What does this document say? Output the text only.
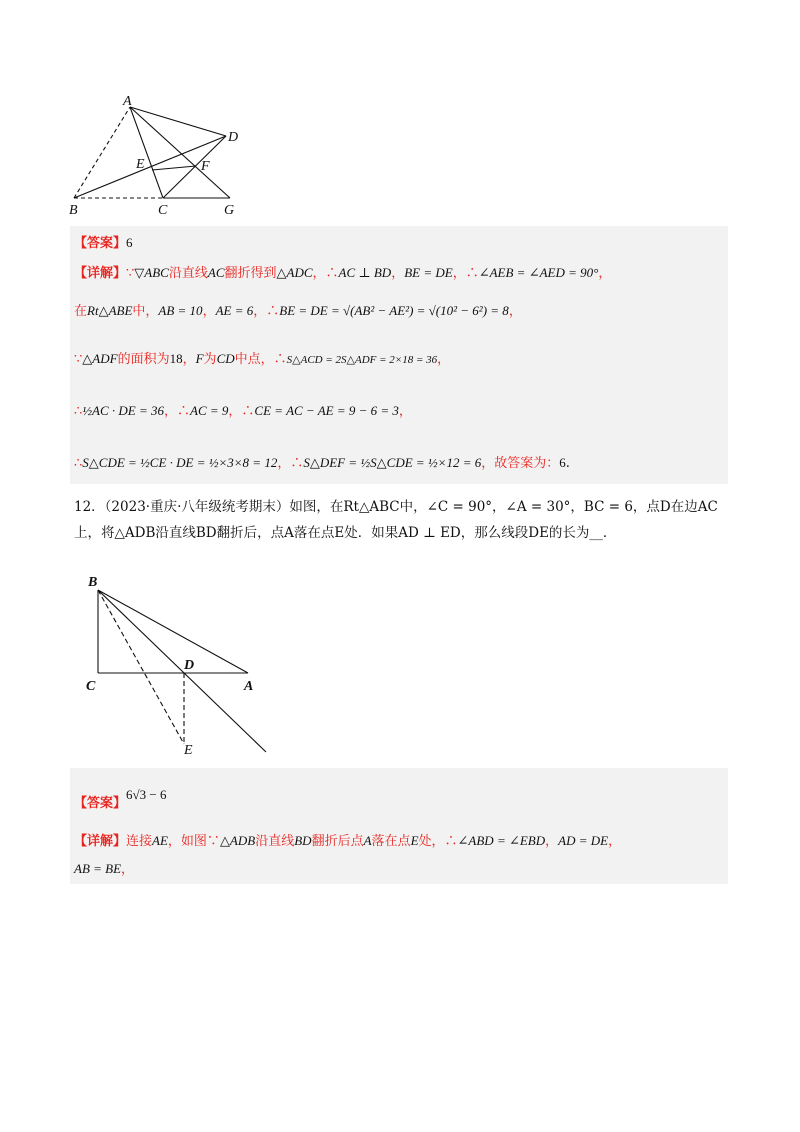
A
B	C
D
E	F
G
【答案】6
【详解】∵▽ABC沿直线AC翻折得到△ADC，∴AC ⊥ BD，BE = DE，∴∠AEB = ∠AED = 90°，
在Rt△ABE中，AB = 10，AE = 6，∴BE = DE = √(AB² − AE²) = √(10² − 6²) = 8，
∵△ADF的面积为18，F为CD中点，∴S△ACD = 2S△ADF = 2×18 = 36，
∴½AC · DE = 36，∴AC = 9，∴CE = AC − AE = 9 − 6 = 3，
∴S△CDE = ½CE · DE = ½×3×8 = 12，∴S△DEF = ½S△CDE = ½×12 = 6，故答案为：6.
12．（2023·重庆·八年级统考期末）如图，在Rt△ABC中，∠C = 90°，∠A = 30°，BC = 6，点D在边AC
上，将△ADB沿直线BD翻折后，点A落在点E处．如果AD ⊥ ED，那么线段DE的长为__．
B
C
D
A
E
【答案】6√3 − 6
【详解】连接AE，如图∵△ADB沿直线BD翻折后点A落在点E处，∴∠ABD = ∠EBD，AD = DE，
AB = BE，
